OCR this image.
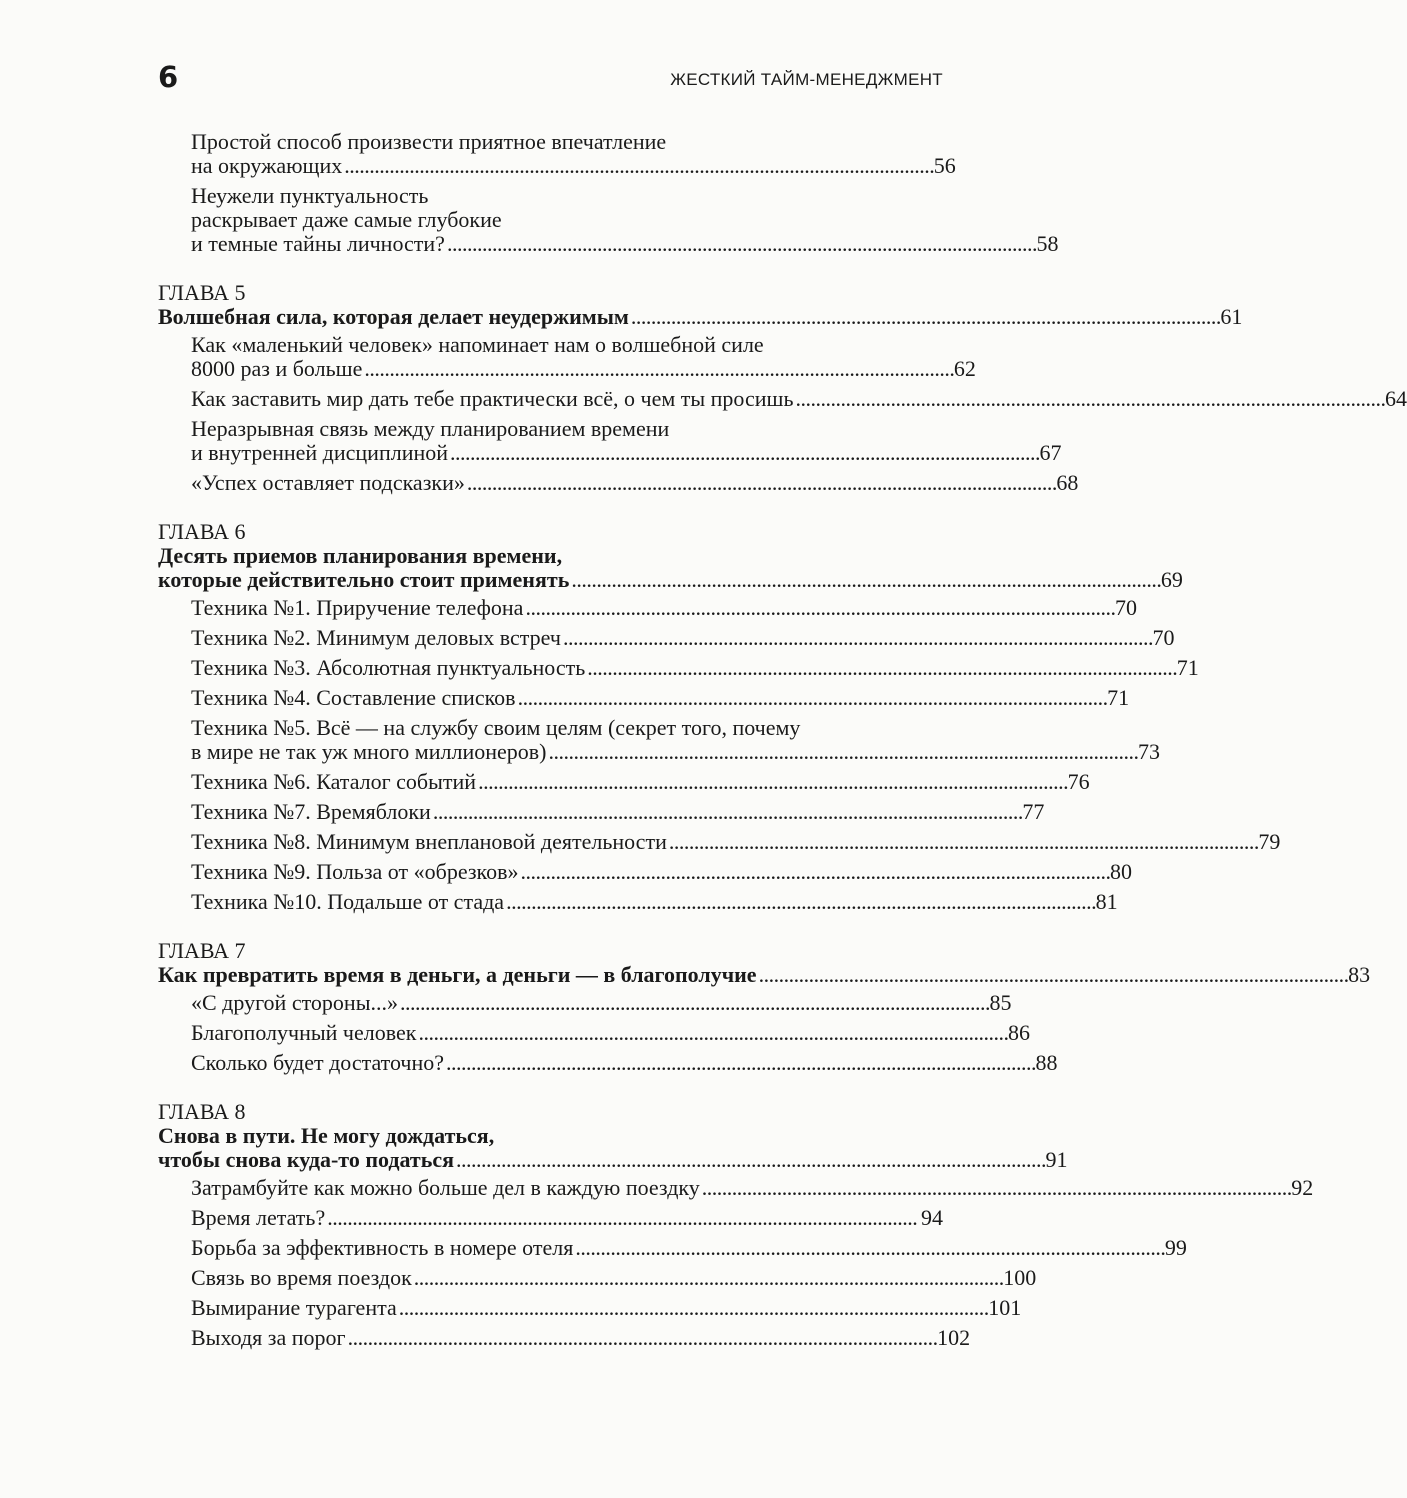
6	ЖЕСТКИЙ ТАЙМ-МЕНЕДЖМЕНТ
Простой способ произвести приятное впечатление
на окружающих . . .	56
Неужели пунктуальность
раскрывает даже самые глубокие
и темные тайны личности? . . .	58
ГЛАВА 5
Волшебная сила, которая делает неудержимым . . .	61
Как «маленький человек» напоминает нам о волшебной силе
8000 раз и больше . . .	62
Как заставить мир дать тебе практически всё, о чем ты просишь . . .	64
Неразрывная связь между планированием времени
и внутренней дисциплиной . . .	67
«Успех оставляет подсказки» . . .	68
ГЛАВА 6
Десять приемов планирования времени,
которые действительно стоит применять . . .	69
Техника №1. Приручение телефона . . .	70
Техника №2. Минимум деловых встреч . . .	70
Техника №3. Абсолютная пунктуальность . . .	71
Техника №4. Составление списков . . .	71
Техника №5. Всё — на службу своим целям (секрет того, почему
в мире не так уж много миллионеров) . . .	73
Техника №6. Каталог событий . . .	76
Техника №7. Времяблоки . . .	77
Техника №8. Минимум внеплановой деятельности . . .	79
Техника №9. Польза от «обрезков» . . .	80
Техника №10. Подальше от стада . . .	81
ГЛАВА 7
Как превратить время в деньги, а деньги — в благополучие . . .	83
«С другой стороны...» . . .	85
Благополучный человек . . .	86
Сколько будет достаточно? . . .	88
ГЛАВА 8
Снова в пути. Не могу дождаться,
чтобы снова куда-то податься . . .	91
Затрамбуйте как можно больше дел в каждую поездку . . .	92
Время летать? . . .	94
Борьба за эффективность в номере отеля . . .	99
Связь во время поездок . . .	100
Вымирание турагента . . .	101
Выходя за порог . . .	102
